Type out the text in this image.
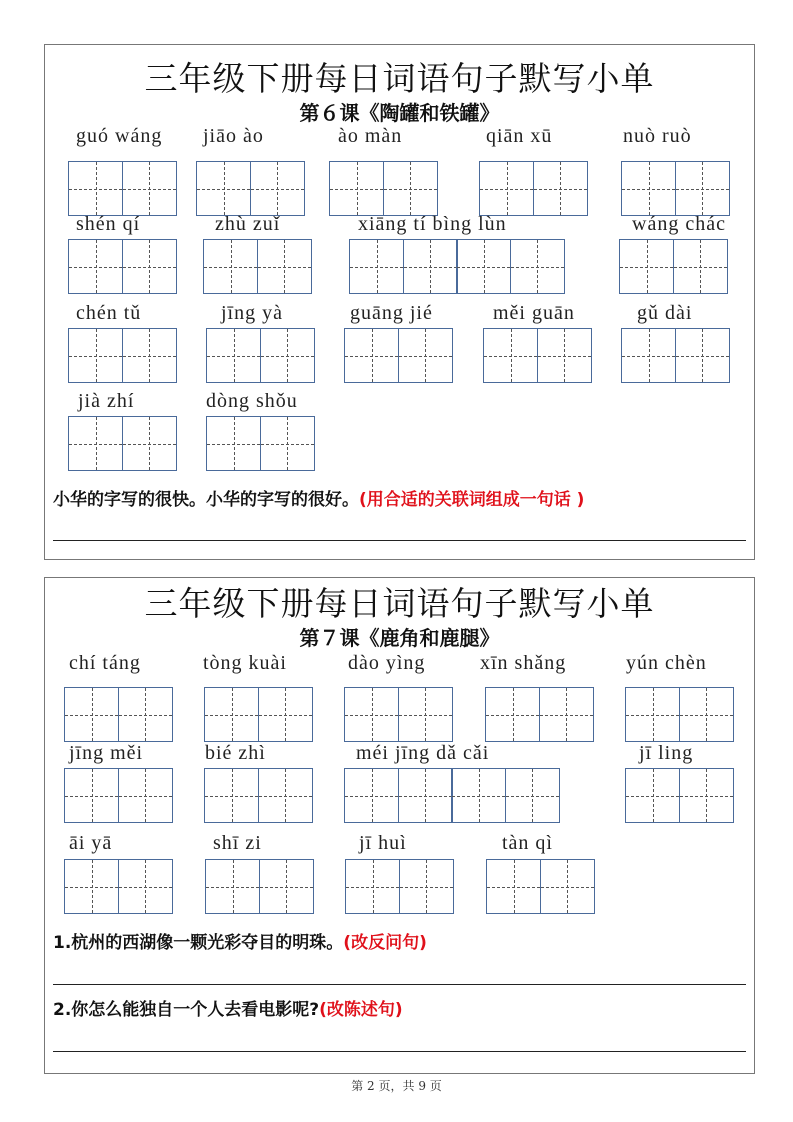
三年级下册每日词语句子默写小单
第６课《陶罐和铁罐》
小华的字写的很快。小华的字写的很好。(用合适的关联词组成一句话 )
guó wáng jiāo ào	ào màn	qiān xū	nuò ruò
shén qí	zhù zuǐ	xiāng tí bìng lùn	wáng chác
chén tǔ	jīng yà	guāng jié	měi guān	gǔ dài
jià zhí	dòng shǒu
三年级下册每日词语句子默写小单
第７课《鹿角和鹿腿》
1.杭州的西湖像一颗光彩夺目的明珠。(改反问句)
2.你怎么能独自一个人去看电影呢?(改陈述句)
chí táng	tòng kuài	dào yìng	xīn shǎng	yún chèn
jīng měi	bié zhì	méi jīng dǎ cǎi	jī ling
āi yā	shī zi	jī huì	tàn qì
第 2 页，共 9 页
